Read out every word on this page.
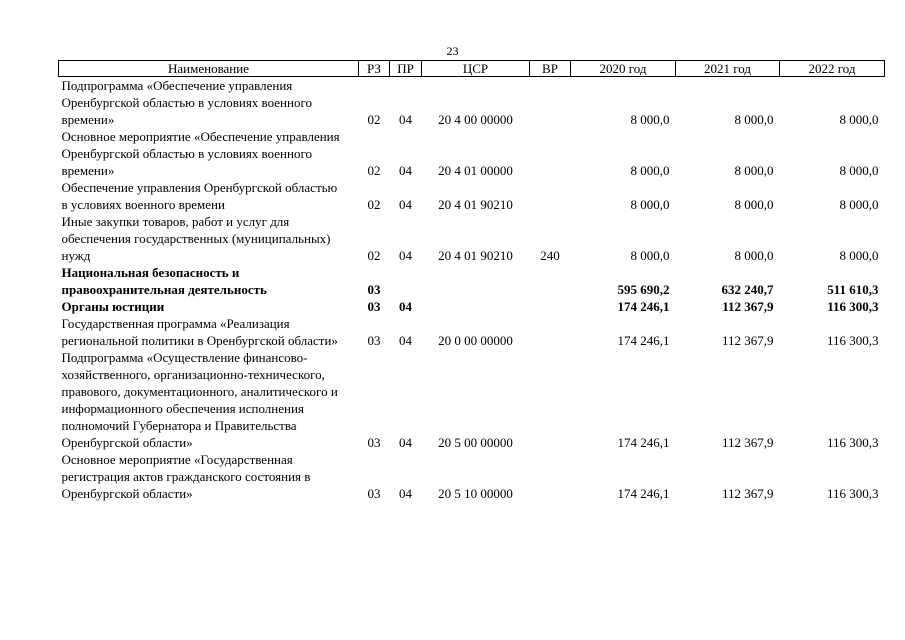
23
Наименование	РЗ	ПР	ЦСР	ВР	2020 год	2021 год	2022 год
Подпрограмма «Обеспечение управления Оренбургской областью в условиях военного времени»	02	04	20 4 00 00000		8 000,0	8 000,0	8 000,0
Основное мероприятие «Обеспечение управления Оренбургской областью в условиях военного времени»	02	04	20 4 01 00000		8 000,0	8 000,0	8 000,0
Обеспечение управления Оренбургской областью в условиях военного времени	02	04	20 4 01 90210		8 000,0	8 000,0	8 000,0
Иные закупки товаров, работ и услуг для обеспечения государственных (муниципальных) нужд	02	04	20 4 01 90210	240	8 000,0	8 000,0	8 000,0
Национальная безопасность и правоохранительная деятельность	03				595 690,2	632 240,7	511 610,3
Органы юстиции	03	04			174 246,1	112 367,9	116 300,3
Государственная программа «Реализация региональной политики в Оренбургской области»	03	04	20 0 00 00000		174 246,1	112 367,9	116 300,3
Подпрограмма «Осуществление финансово-хозяйственного, организационно-технического, правового, документационного, аналитического и информационного обеспечения исполнения полномочий Губернатора и Правительства Оренбургской области»	03	04	20 5 00 00000		174 246,1	112 367,9	116 300,3
Основное мероприятие «Государственная регистрация актов гражданского состояния в Оренбургской области»	03	04	20 5 10 00000		174 246,1	112 367,9	116 300,3
